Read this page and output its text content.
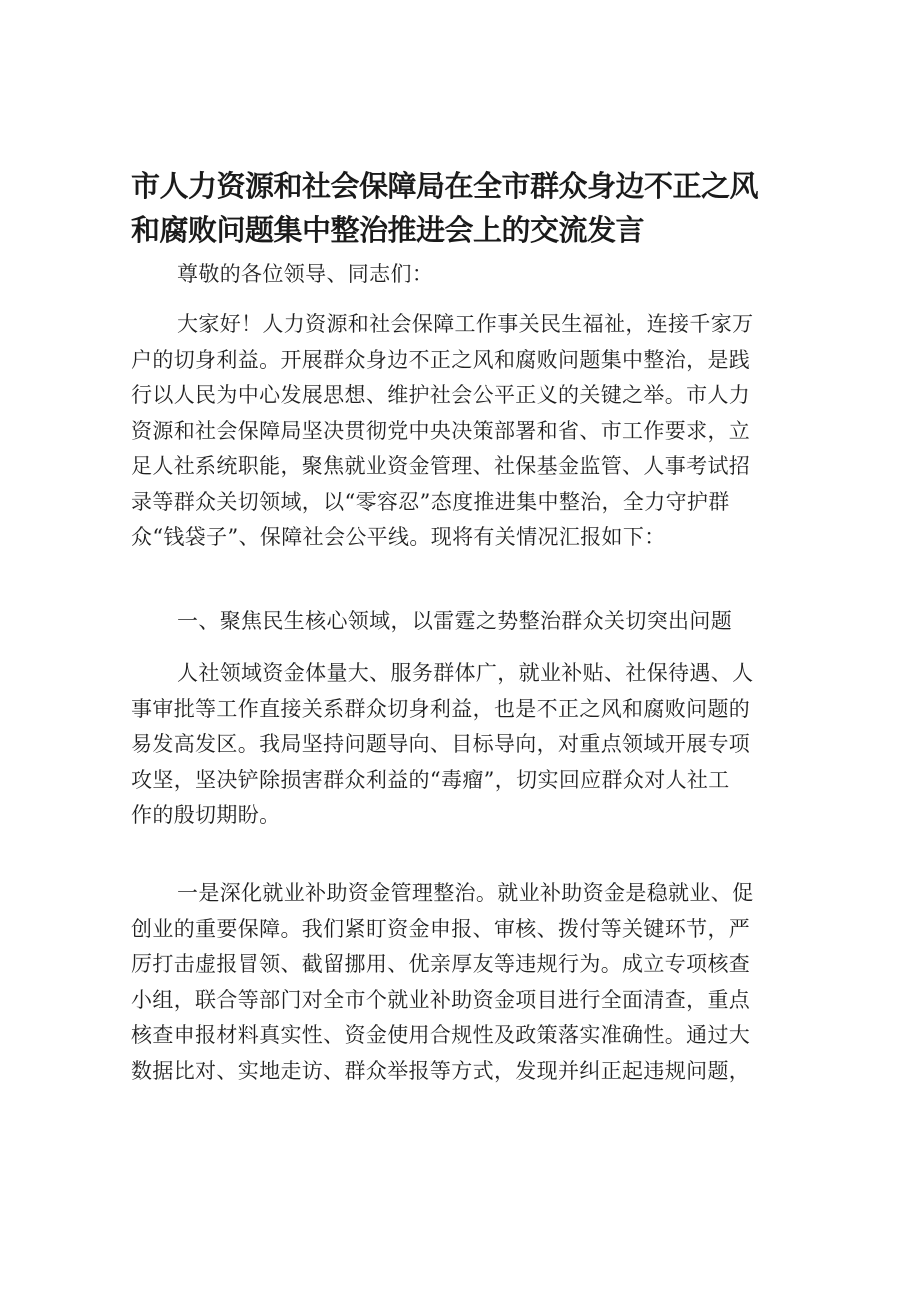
市人力资源和社会保障局在全市群众身边不正之风
和腐败问题集中整治推进会上的交流发言

尊敬的各位领导、同志们：

大家好！人力资源和社会保障工作事关民生福祉，连接千家万
户的切身利益。开展群众身边不正之风和腐败问题集中整治，是践
行以人民为中心发展思想、维护社会公平正义的关键之举。市人力
资源和社会保障局坚决贯彻党中央决策部署和省、市工作要求，立
足人社系统职能，聚焦就业资金管理、社保基金监管、人事考试招
录等群众关切领域，以“零容忍”态度推进集中整治，全力守护群
众“钱袋子”、保障社会公平线。现将有关情况汇报如下：

一、聚焦民生核心领域，以雷霆之势整治群众关切突出问题

人社领域资金体量大、服务群体广，就业补贴、社保待遇、人
事审批等工作直接关系群众切身利益，也是不正之风和腐败问题的
易发高发区。我局坚持问题导向、目标导向，对重点领域开展专项
攻坚，坚决铲除损害群众利益的“毒瘤”，切实回应群众对人社工
作的殷切期盼。

一是深化就业补助资金管理整治。就业补助资金是稳就业、促
创业的重要保障。我们紧盯资金申报、审核、拨付等关键环节，严
厉打击虚报冒领、截留挪用、优亲厚友等违规行为。成立专项核查
小组，联合等部门对全市个就业补助资金项目进行全面清查，重点
核查申报材料真实性、资金使用合规性及政策落实准确性。通过大
数据比对、实地走访、群众举报等方式，发现并纠正起违规问题，
